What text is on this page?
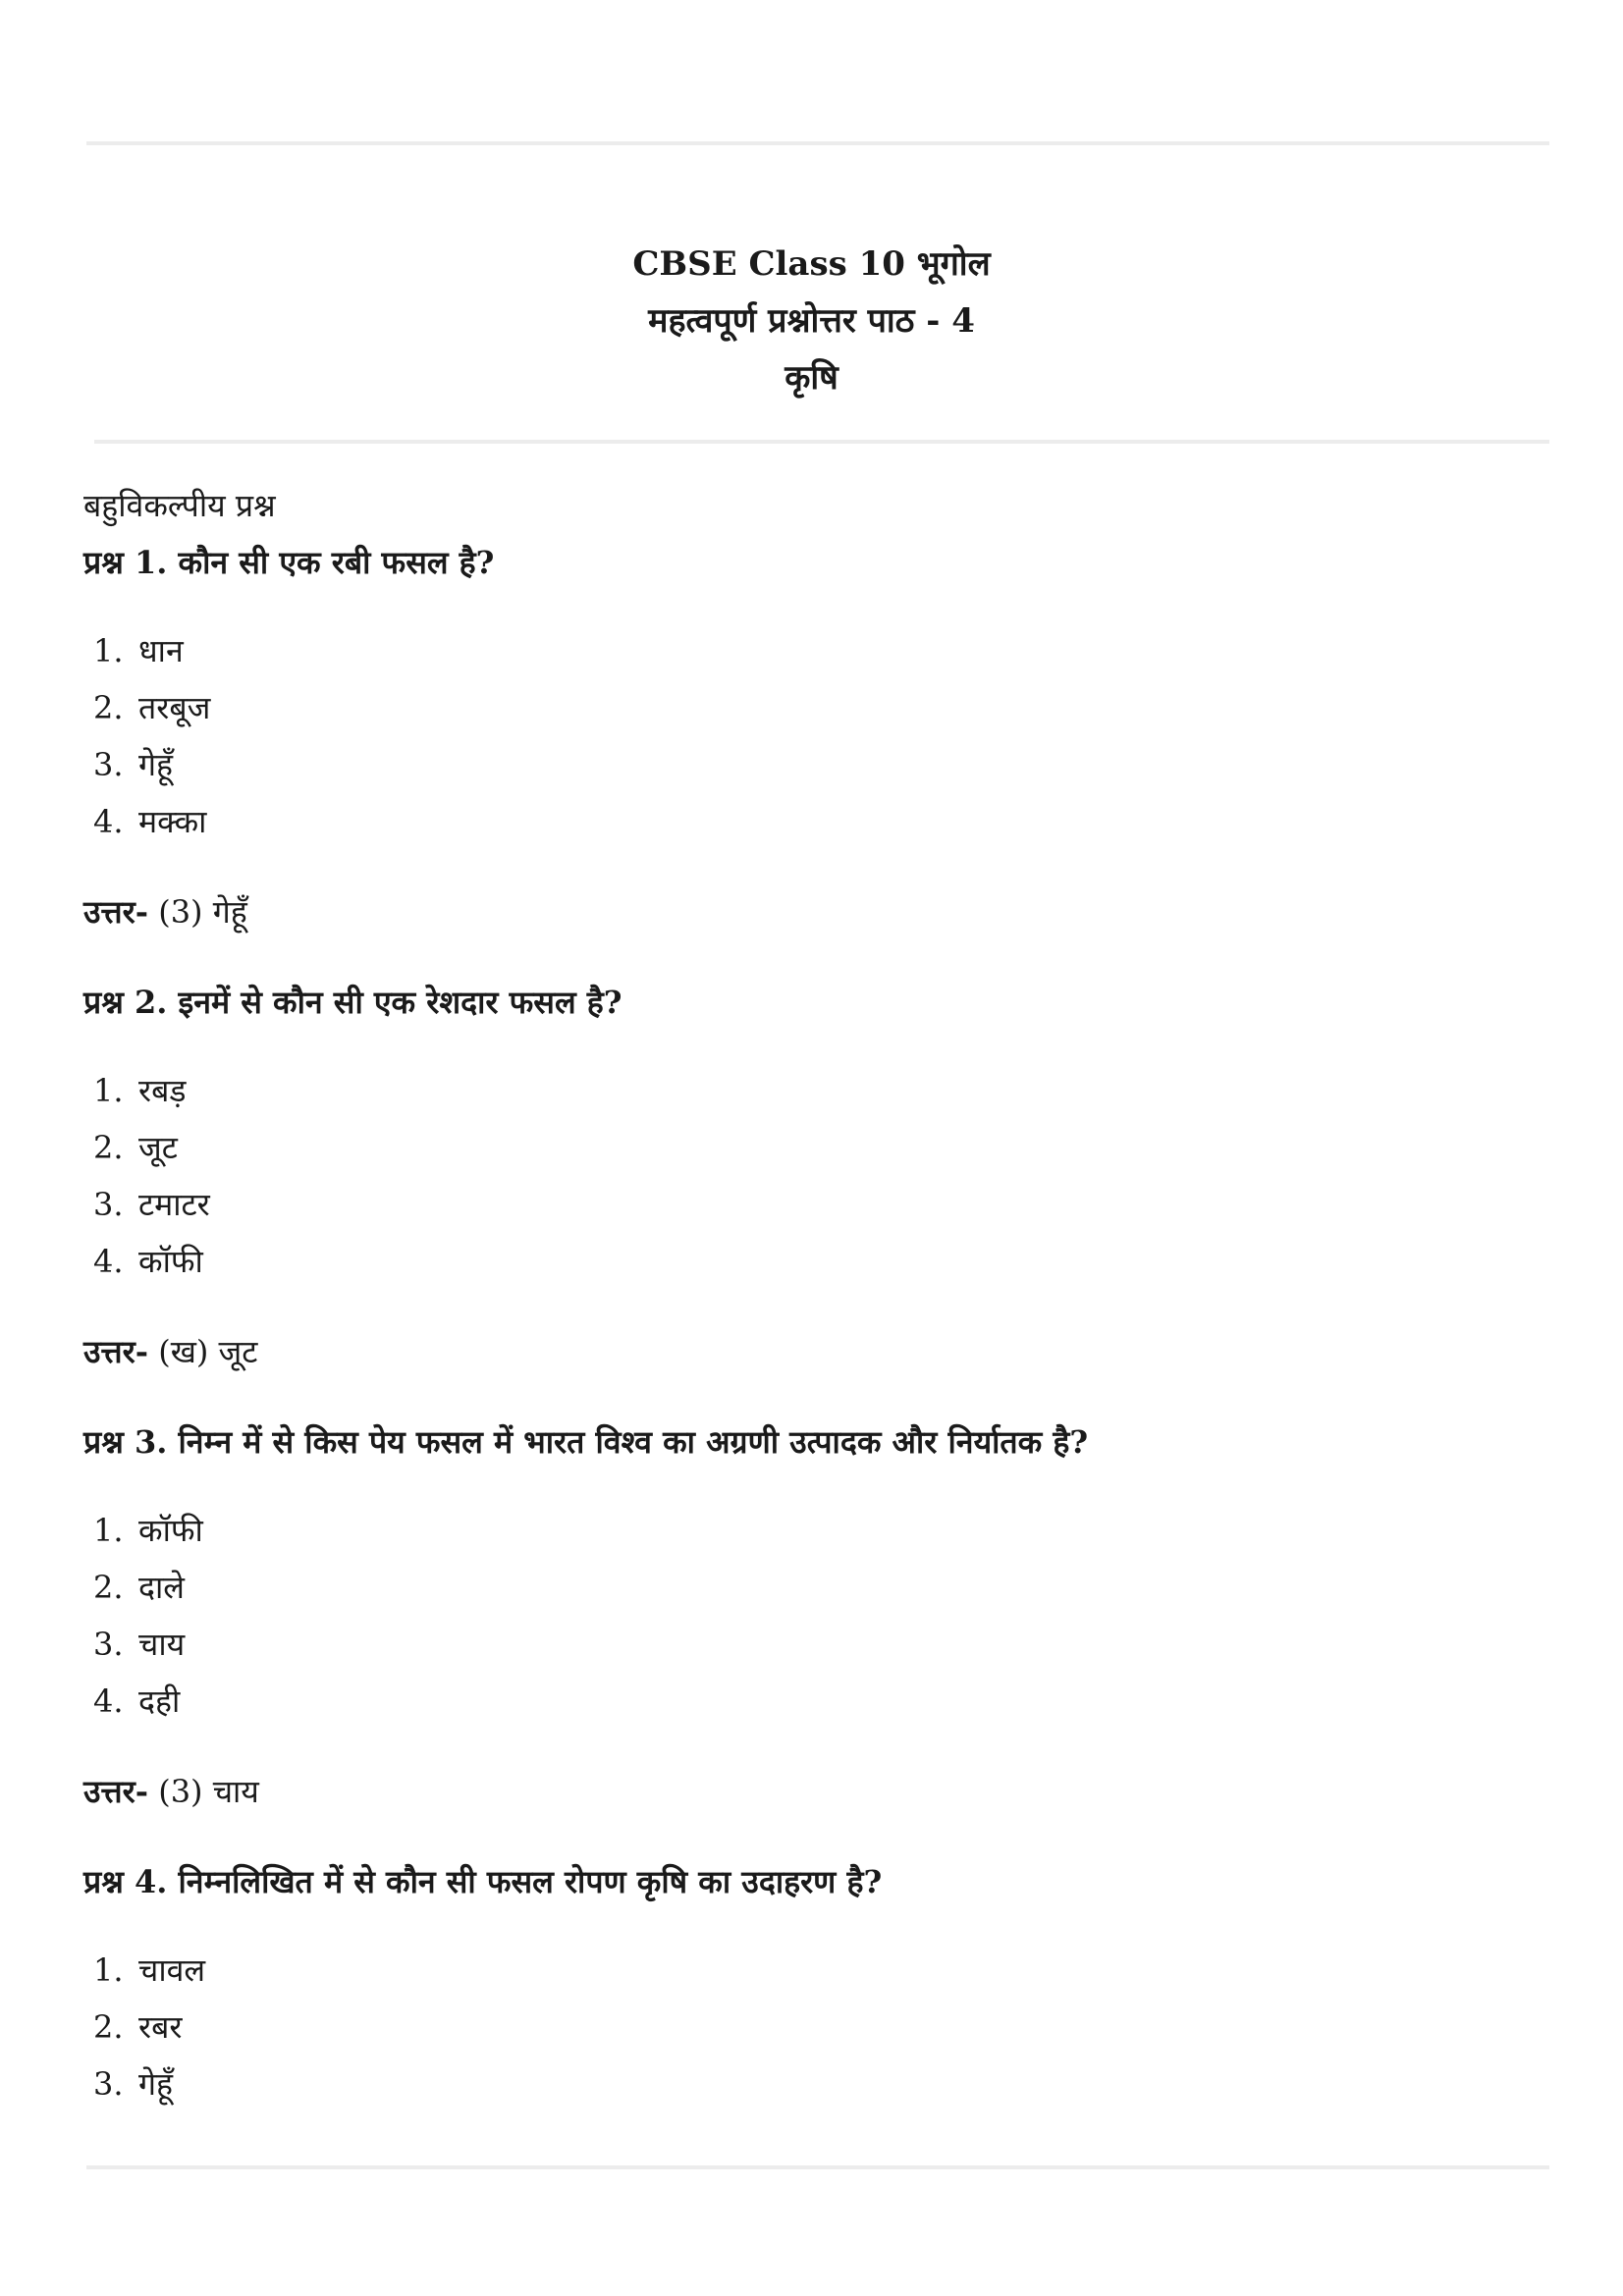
CBSE Class 10 भूगोल
महत्वपूर्ण प्रश्नोत्तर पाठ - 4
कृषि
बहुविकल्पीय प्रश्न
प्रश्न 1. कौन सी एक रबी फसल है?
1. धान
2. तरबूज
3. गेहूँ
4. मक्का
उत्तर- (3) गेहूँ
प्रश्न 2. इनमें से कौन सी एक रेशदार फसल है?
1. रबड़
2. जूट
3. टमाटर
4. कॉफी
उत्तर- (ख) जूट
प्रश्न 3. निम्न में से किस पेय फसल में भारत विश्व का अग्रणी उत्पादक और निर्यातक है?
1. कॉफी
2. दाले
3. चाय
4. दही
उत्तर- (3) चाय
प्रश्न 4. निम्नलिखित में से कौन सी फसल रोपण कृषि का उदाहरण है?
1. चावल
2. रबर
3. गेहूँ
